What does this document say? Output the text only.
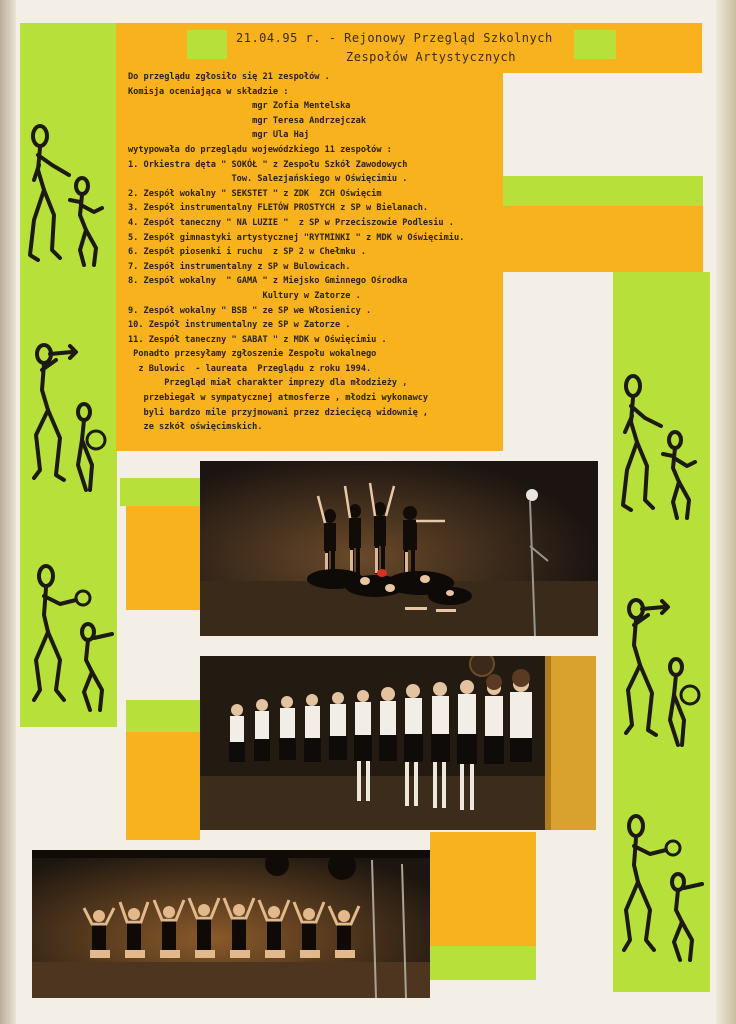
21.04.95 r. - Rejonowy Przegląd Szkolnych
Zespołów Artystycznych
Do przeglądu zgłosiło się 21 zespołów .
Komisja oceniająca w składzie :
mgr Zofia Mentelska
mgr Teresa Andrzejczak
mgr Ula Haj
wytypowała do przeglądu wojewódzkiego 11 zespołów :
1. Orkiestra dęta " SOKÓŁ " z Zespołu Szkół Zawodowych
Tow. Salezjańskiego w Oświęcimiu .
2. Zespół wokalny " SEKSTET " z ZDK  ZCH Oświęcim
3. Zespół instrumentalny FLETÓW PROSTYCH z SP w Bielanach.
4. Zespół taneczny " NA LUZIE "  z SP w Przeciszowie Podlesiu .
5. Zespół gimnastyki artystycznej "RYTMINKI " z MDK w Oświęcimiu.
6. Zespół piosenki i ruchu  z SP 2 w Chełmku .
7. Zespół instrumentalny z SP w Bulowicach.
8. Zespół wokalny  " GAMA " z Miejsko Gminnego Ośrodka
Kultury w Zatorze .
9. Zespół wokalny " BSB " ze SP we Włosienicy .
10. Zespół instrumentalny ze SP w Zatorze .
11. Zespół taneczny " SABAT " z MDK w Oświęcimiu .
Ponadto przesyłamy zgłoszenie Zespołu wokalnego
z Bulowic  - laureata  Przeglądu z roku 1994.
Przegląd miał charakter imprezy dla młodzieży ,
przebiegał w sympatycznej atmosferze , młodzi wykonawcy
byli bardzo mile przyjmowani przez dziecięcą widownię ,
ze szkół oświęcimskich.
